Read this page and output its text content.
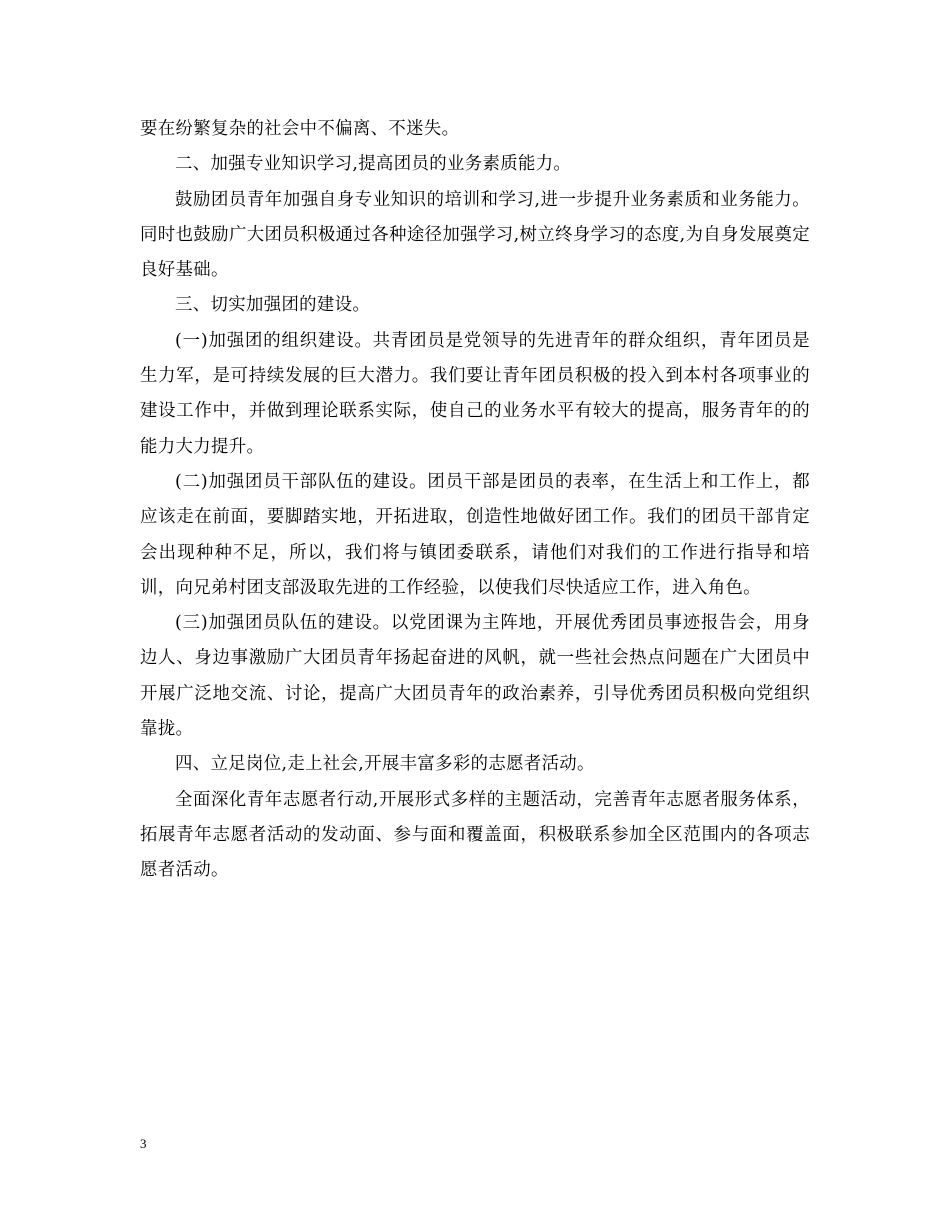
要在纷繁复杂的社会中不偏离、不迷失。

二、加强专业知识学习,提高团员的业务素质能力。

鼓励团员青年加强自身专业知识的培训和学习,进一步提升业务素质和业务能力。同时也鼓励广大团员积极通过各种途径加强学习,树立终身学习的态度,为自身发展奠定良好基础。

三、切实加强团的建设。

(一)加强团的组织建设。共青团员是党领导的先进青年的群众组织，青年团员是生力军，是可持续发展的巨大潜力。我们要让青年团员积极的投入到本村各项事业的建设工作中，并做到理论联系实际，使自己的业务水平有较大的提高，服务青年的的能力大力提升。

(二)加强团员干部队伍的建设。团员干部是团员的表率，在生活上和工作上，都应该走在前面，要脚踏实地，开拓进取，创造性地做好团工作。我们的团员干部肯定会出现种种不足，所以，我们将与镇团委联系，请他们对我们的工作进行指导和培训，向兄弟村团支部汲取先进的工作经验，以使我们尽快适应工作，进入角色。

(三)加强团员队伍的建设。以党团课为主阵地，开展优秀团员事迹报告会，用身边人、身边事激励广大团员青年扬起奋进的风帆，就一些社会热点问题在广大团员中开展广泛地交流、讨论，提高广大团员青年的政治素养，引导优秀团员积极向党组织靠拢。

四、立足岗位,走上社会,开展丰富多彩的志愿者活动。

全面深化青年志愿者行动,开展形式多样的主题活动，完善青年志愿者服务体系，拓展青年志愿者活动的发动面、参与面和覆盖面，积极联系参加全区范围内的各项志愿者活动。

3
